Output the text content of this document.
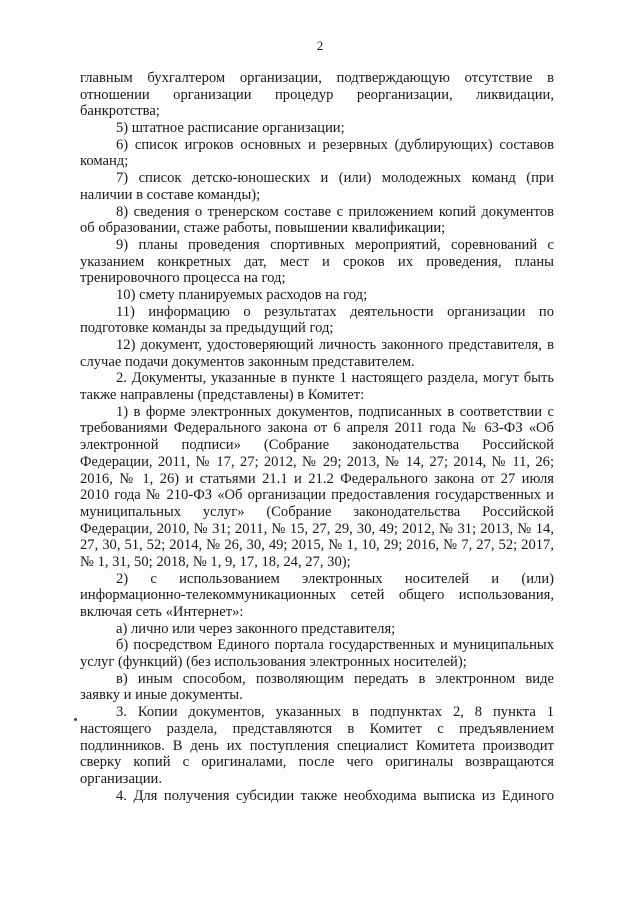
2
главным бухгалтером организации, подтверждающую отсутствие в
отношении организации процедур реорганизации, ликвидации,
банкротства;
5) штатное расписание организации;
6) список игроков основных и резервных (дублирующих) составов
команд;
7) список детско-юношеских и (или) молодежных команд (при
наличии в составе команды);
8) сведения о тренерском составе с приложением копий документов
об образовании, стаже работы, повышении квалификации;
9) планы проведения спортивных мероприятий, соревнований с
указанием конкретных дат, мест и сроков их проведения, планы
тренировочного процесса на год;
10) смету планируемых расходов на год;
11) информацию о результатах деятельности организации по
подготовке команды за предыдущий год;
12) документ, удостоверяющий личность законного представителя, в
случае подачи документов законным представителем.
2. Документы, указанные в пункте 1 настоящего раздела, могут быть
также направлены (представлены) в Комитет:
1) в форме электронных документов, подписанных в соответствии с
требованиями Федерального закона от 6 апреля 2011 года № 63-ФЗ «Об
электронной подписи» (Собрание законодательства Российской
Федерации, 2011, № 17, 27; 2012, № 29; 2013, № 14, 27; 2014, № 11, 26;
2016, № 1, 26) и статьями 21.1 и 21.2 Федерального закона от 27 июля
2010 года № 210-ФЗ «Об организации предоставления государственных и
муниципальных услуг» (Собрание законодательства Российской
Федерации, 2010, № 31; 2011, № 15, 27, 29, 30, 49; 2012, № 31; 2013, № 14,
27, 30, 51, 52; 2014, № 26, 30, 49; 2015, № 1, 10, 29; 2016, № 7, 27, 52; 2017,
№ 1, 31, 50; 2018, № 1, 9, 17, 18, 24, 27, 30);
2) с использованием электронных носителей и (или)
информационно-телекоммуникационных сетей общего использования,
включая сеть «Интернет»:
а) лично или через законного представителя;
б) посредством Единого портала государственных и муниципальных
услуг (функций) (без использования электронных носителей);
в) иным способом, позволяющим передать в электронном виде
заявку и иные документы.
3. Копии документов, указанных в подпунктах 2, 8 пункта 1
настоящего раздела, представляются в Комитет с предъявлением
подлинников. В день их поступления специалист Комитета производит
сверку копий с оригиналами, после чего оригиналы возвращаются
организации.
4. Для получения субсидии также необходима выписка из Единого
